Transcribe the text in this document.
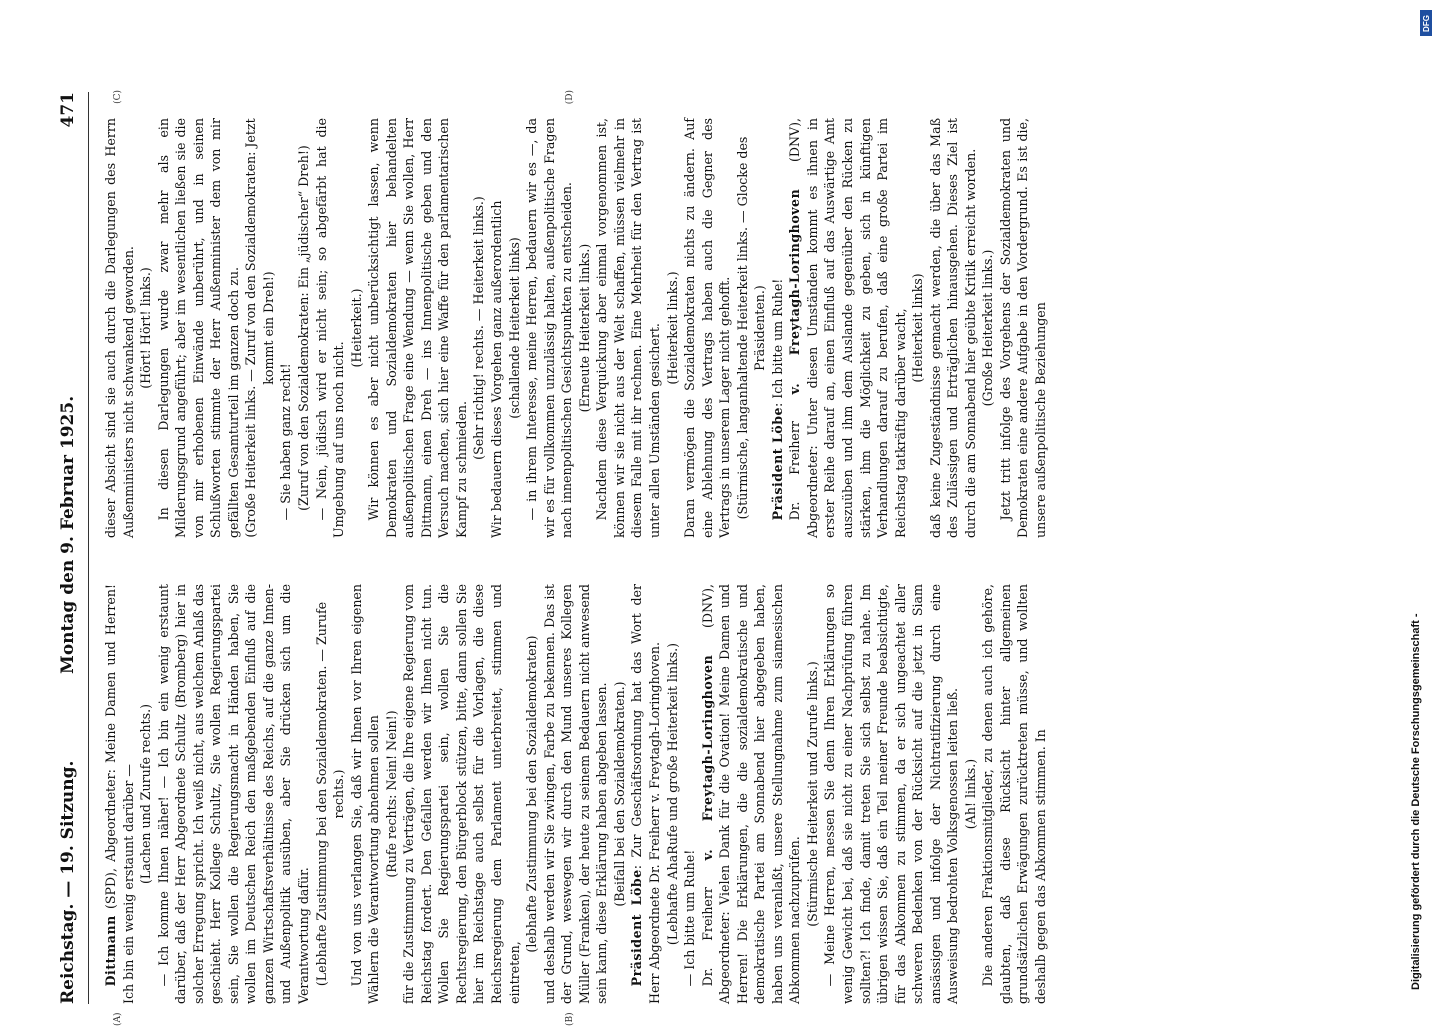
Reichstag. — 19. Sitzung.
Montag den 9. Februar 1925.
471
(A)	(B)

Dittmann (SPD), Abgeordneter: Meine Damen und Herren! Ich bin ein wenig erstaunt darüber — (Lachen und Zurufe rechts.) — Ich komme Ihnen näher! — Ich bin ein wenig erstaunt darüber, daß der Herr Abgeordnete Schultz (Bromberg) hier in solcher Erregung spricht. Ich weiß nicht, aus welchem Anlaß das geschieht. Herr Kollege Schultz, Sie wollen Regierungspartei sein, Sie wollen die Regierungsmacht in Händen haben, Sie wollen im Deutschen Reich den maßgebenden Einfluß auf die ganzen Wirtschaftsverhältnisse des Reichs, auf die ganze Innen- und Außenpolitik ausüben, aber Sie drücken sich um die Verantwortung dafür. (Lebhafte Zustimmung bei den Sozialdemokraten. — Zurufe rechts.) Und von uns verlangen Sie, daß wir Ihnen vor Ihren eigenen Wählern die Verantwortung abnehmen sollen (Rufe rechts: Nein! Nein!) für die Zustimmung zu Verträgen, die Ihre eigene Regierung vom Reichstag fordert. Den Gefallen werden wir Ihnen nicht tun. Wollen Sie Regierungspartei sein, wollen Sie die Rechtsregierung, den Bürgerblock stützen, bitte, dann sollen Sie hier im Reichstage auch selbst für die Vorlagen, die diese Reichsregierung dem Parlament unterbreitet, stimmen und eintreten,

(lebhafte Zustimmung bei den Sozialdemokraten) und deshalb werden wir Sie zwingen, Farbe zu bekennen. Das ist der Grund, weswegen wir durch den Mund unseres Kollegen Müller (Franken), der heute zu seinem Bedauern nicht anwesend sein kann, diese Erklärung haben abgeben lassen. (Beifall bei den Sozialdemokraten.)

Präsident Löbe: Zur Geschäftsordnung hat das Wort der Herr Abgeordnete Dr. Freiherr v. Freytagh-Loringhoven. (Lebhafte AhaRufe und große Heiterkeit links.) — Ich bitte um Ruhe! Dr. Freiherr v. Freytagh-Loringhoven (DNV), Abgeordneter: Vielen Dank für die Ovation! Meine Damen und Herren! Die Erklärungen, die die sozialdemokratische und demokratische Partei am Sonnabend hier abgegeben haben, haben uns veranlaßt, unsere Stellungnahme zum siamesischen Abkommen nachzuprüfen. (Stürmische Heiterkeit und Zurufe links.) — Meine Herren, messen Sie denn Ihren Erklärungen so wenig Gewicht bei, daß sie nicht zu einer Nachprüfung führen sollten?! Ich finde, damit treten Sie sich selbst zu nahe. Im übrigen wissen Sie, daß ein Teil meiner Freunde beabsichtigte, für das Abkommen zu stimmen, da er sich ungeachtet aller schweren Bedenken von der Rücksicht auf die jetzt in Siam ansässigen und infolge der Nichtratifizierung durch eine Ausweisung bedrohten Volksgenossen leiten ließ. (Ah! links.) Die anderen Fraktionsmitglieder, zu denen auch ich gehöre, glaubten, daß diese Rücksicht hinter allgemeinen grundsätzlichen Erwägungen zurücktreten müsse, und wollten deshalb gegen das Abkommen stimmen. In

(C)	(D)

dieser Absicht sind sie auch durch die Darlegungen des Herrn Außenministers nicht schwankend geworden. (Hört! Hört! links.) In diesen Darlegungen wurde zwar mehr als ein Milderungsgrund angeführt; aber im wesentlichen ließen sie die von mir erhobenen Einwände unberührt, und in seinen Schlußworten stimmte der Herr Außenminister dem von mir gefällten Gesamturteil im ganzen doch zu. (Große Heiterkeit links. — Zuruf von den Sozialdemokraten: Jetzt kommt ein Dreh!)

— Sie haben ganz recht! (Zuruf von den Sozialdemokraten: Ein „jüdischer“ Dreh!) — Nein, jüdisch wird er nicht sein; so abgefärbt hat die Umgebung auf uns noch nicht.

(Heiterkeit.) Wir können es aber nicht unberücksichtigt lassen, wenn Demokraten und Sozialdemokraten hier behandelten außenpolitischen Frage eine Wendung — wenn Sie wollen, Herr Dittmann, einen Dreh — ins Innenpolitische geben und den Versuch machen, sich hier eine Waffe für den parlamentarischen Kampf zu schmieden.

(Sehr richtig! rechts. — Heiterkeit links.) Wir bedauern dieses Vorgehen ganz außerordentlich (schallende Heiterkeit links) — in ihrem Interesse, meine Herren, bedauern wir es —, da wir es für vollkommen unzulässig halten, außenpolitische Fragen nach innenpolitischen Gesichtspunkten zu entscheiden. (Erneute Heiterkeit links.) Nachdem diese Verquickung aber einmal vorgenommen ist, können wir sie nicht aus der Welt schaffen, müssen vielmehr in diesem Falle mit ihr rechnen. Eine Mehrheit für den Vertrag ist unter allen Umständen gesichert. (Heiterkeit links.) Daran vermögen die Sozialdemokraten nichts zu ändern. Auf eine Ablehnung des Vertrags haben auch die Gegner des Vertrags in unserem Lager nicht gehofft. (Stürmische, langanhaltende Heiterkeit links. — Glocke des Präsidenten.)

Präsident Löbe: Ich bitte um Ruhe!

Dr. Freiherr v. Freytagh-Loringhoven (DNV), Abgeordneter: Unter diesen Umständen kommt es ihnen in erster Reihe darauf an, einen Einfluß auf das Auswärtige Amt auszuüben und ihm dem Auslande gegenüber den Rücken zu stärken, ihm die Möglichkeit zu geben, sich in künftigen Verhandlungen darauf zu berufen, daß eine große Partei im Reichstag tatkräftig darüber wacht, (Heiterkeit links) daß keine Zugeständnisse gemacht werden, die über das Maß des Zulässigen und Erträglichen hinausgehen. Dieses Ziel ist durch die am Sonnabend hier geübte Kritik erreicht worden. (Große Heiterkeit links.) Jetzt tritt infolge des Vorgehens der Sozialdemokraten und Demokraten eine andere Aufgabe in den Vordergrund. Es ist die, unsere außenpolitische Beziehungen

Digitalisierung gefördert durch die Deutsche Forschungsgemeinschaft -
DFG
